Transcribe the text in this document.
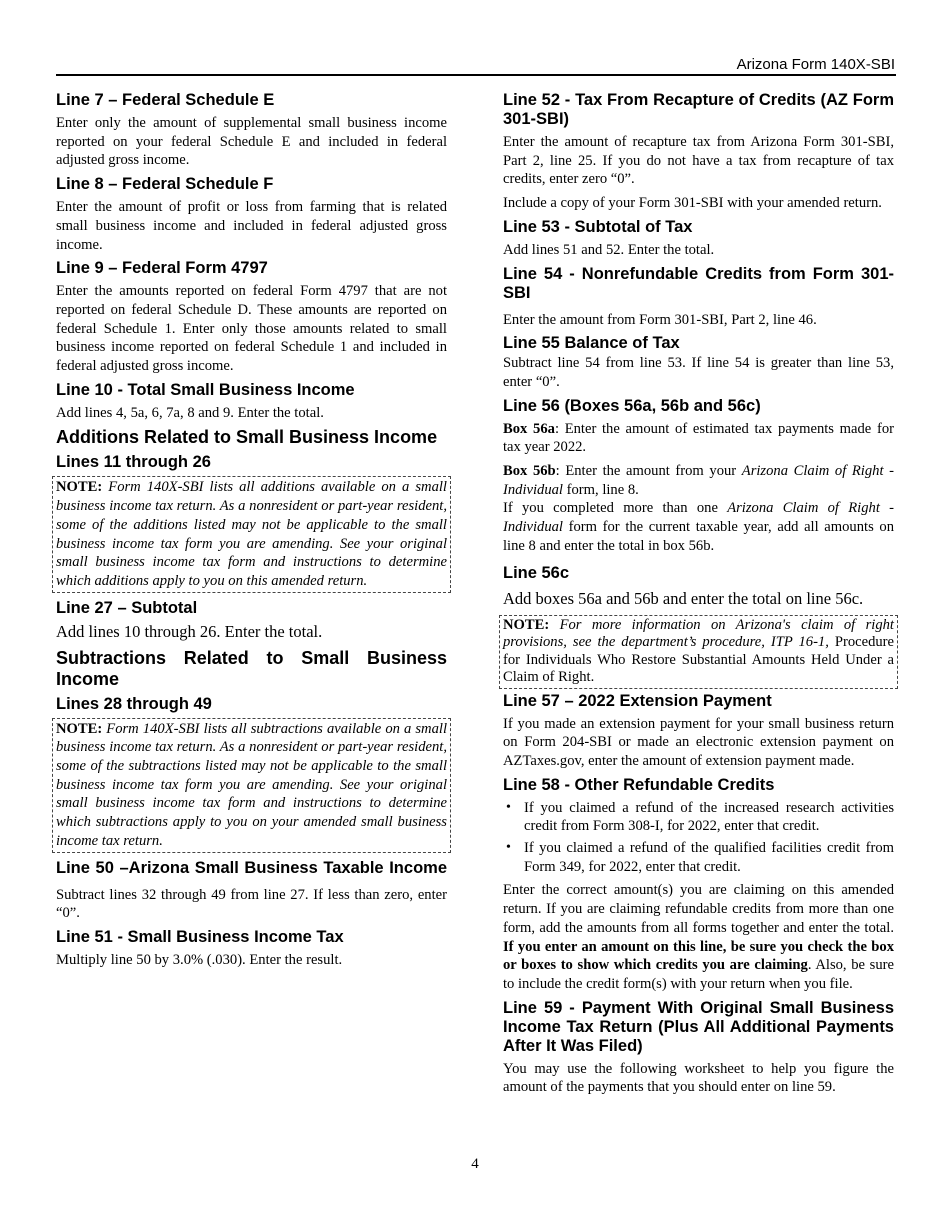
Arizona Form 140X-SBI
Line 7 – Federal Schedule E

Enter only the amount of supplemental small business income reported on your federal Schedule E and included in federal adjusted gross income.

Line 8 – Federal Schedule F

Enter the amount of profit or loss from farming that is related small business income and included in federal adjusted gross income.

Line 9 – Federal Form 4797

Enter the amounts reported on federal Form 4797 that are not reported on federal Schedule D. These amounts are reported on federal Schedule 1. Enter only those amounts related to small business income reported on federal Schedule 1 and included in federal adjusted gross income.

Line 10 - Total Small Business Income

Add lines 4, 5a, 6, 7a, 8 and 9. Enter the total.

Additions Related to Small Business Income
Lines 11 through 26

NOTE: Form 140X-SBI lists all additions available on a small business income tax return. As a nonresident or part-year resident, some of the additions listed may not be applicable to the small business income tax form you are amending. See your original small business income tax form and instructions to determine which additions apply to you on this amended return.

Line 27 – Subtotal

Add lines 10 through 26. Enter the total.

Subtractions Related to Small Business Income
Lines 28 through 49

NOTE: Form 140X-SBI lists all subtractions available on a small business income tax return. As a nonresident or part-year resident, some of the subtractions listed may not be applicable to the small business income tax form you are amending. See your original small business income tax form and instructions to determine which subtractions apply to you on your amended small business income tax return.

Line 50 –Arizona Small Business Taxable Income

Subtract lines 32 through 49 from line 27. If less than zero, enter “0”.

Line 51 - Small Business Income Tax

Multiply line 50 by 3.0% (.030). Enter the result.

Line 52 - Tax From Recapture of Credits (AZ Form 301-SBI)

Enter the amount of recapture tax from Arizona Form 301-SBI, Part 2, line 25. If you do not have a tax from recapture of tax credits, enter zero “0”.

Include a copy of your Form 301-SBI with your amended return.

Line 53 - Subtotal of Tax

Add lines 51 and 52. Enter the total.

Line 54 - Nonrefundable Credits from Form 301-SBI

Enter the amount from Form 301-SBI, Part 2, line 46.

Line 55 Balance of Tax

Subtract line 54 from line 53. If line 54 is greater than line 53, enter “0”.

Line 56 (Boxes 56a, 56b and 56c)

Box 56a: Enter the amount of estimated tax payments made for tax year 2022.

Box 56b: Enter the amount from your Arizona Claim of Right - Individual form, line 8.

If you completed more than one Arizona Claim of Right - Individual form for the current taxable year, add all amounts on line 8 and enter the total in box 56b.

Line 56c

Add boxes 56a and 56b and enter the total on line 56c.

NOTE: For more information on Arizona's claim of right provisions, see the department’s procedure, ITP 16-1, Procedure for Individuals Who Restore Substantial Amounts Held Under a Claim of Right.

Line 57 – 2022 Extension Payment

If you made an extension payment for your small business return on Form 204-SBI or made an electronic extension payment on AZTaxes.gov, enter the amount of extension payment made.

Line 58 - Other Refundable Credits
• If you claimed a refund of the increased research activities credit from Form 308-I, for 2022, enter that credit.
• If you claimed a refund of the qualified facilities credit from Form 349, for 2022, enter that credit.

Enter the correct amount(s) you are claiming on this amended return. If you are claiming refundable credits from more than one form, add the amounts from all forms together and enter the total. If you enter an amount on this line, be sure you check the box or boxes to show which credits you are claiming. Also, be sure to include the credit form(s) with your return when you file.

Line 59 - Payment With Original Small Business Income Tax Return (Plus All Additional Payments After It Was Filed)

You may use the following worksheet to help you figure the amount of the payments that you should enter on line 59.

4
